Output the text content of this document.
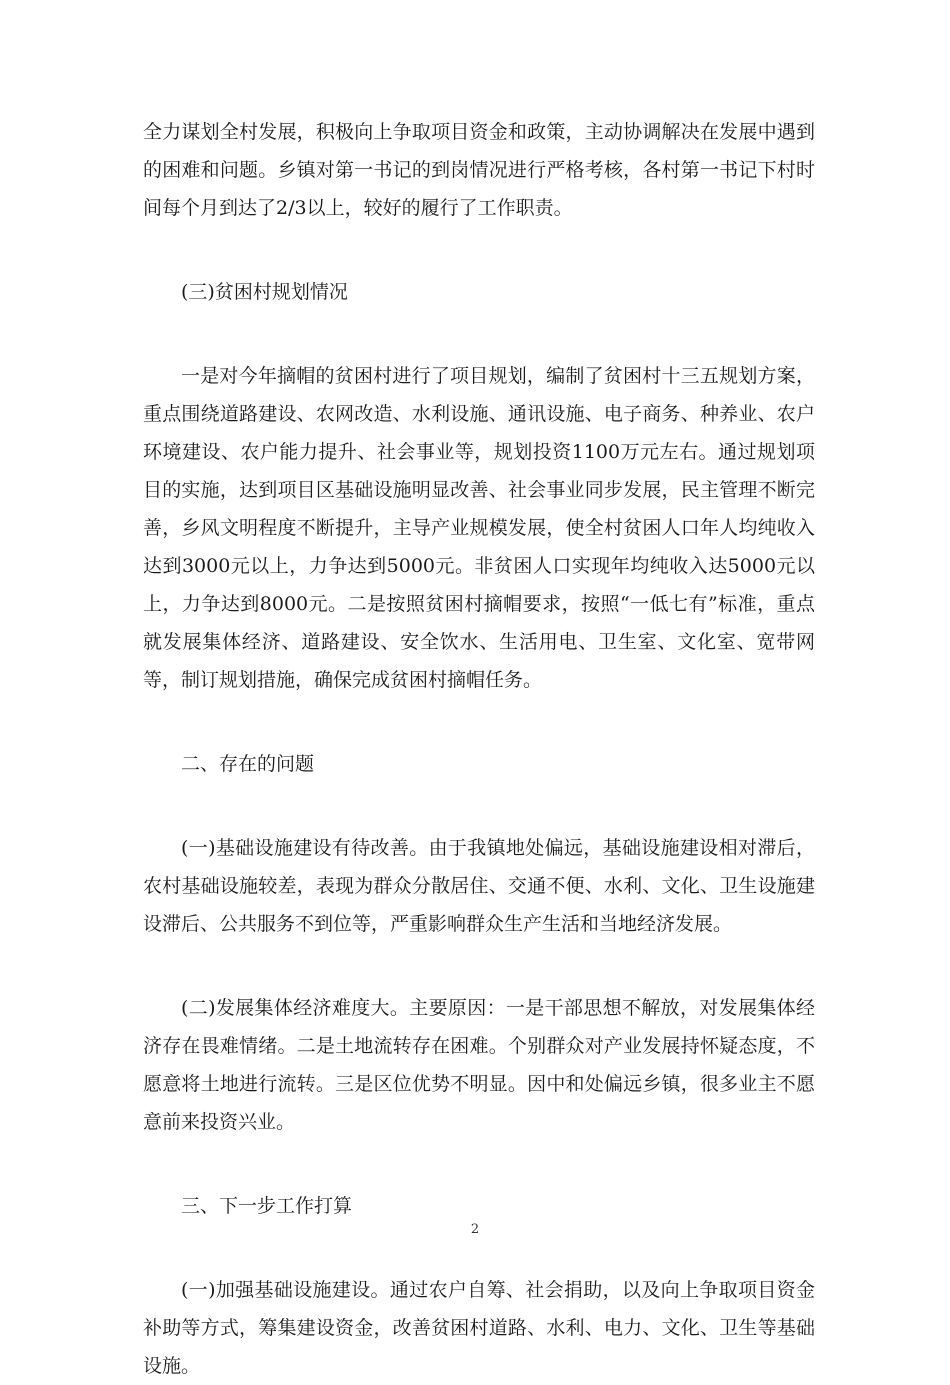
全力谋划全村发展，积极向上争取项目资金和政策，主动协调解决在发展中遇到的困难和问题。乡镇对第一书记的到岗情况进行严格考核，各村第一书记下村时间每个月到达了2/3以上，较好的履行了工作职责。

(三)贫困村规划情况

一是对今年摘帽的贫困村进行了项目规划，编制了贫困村十三五规划方案，重点围绕道路建设、农网改造、水利设施、通讯设施、电子商务、种养业、农户环境建设、农户能力提升、社会事业等，规划投资1100万元左右。通过规划项目的实施，达到项目区基础设施明显改善、社会事业同步发展，民主管理不断完善，乡风文明程度不断提升，主导产业规模发展，使全村贫困人口年人均纯收入达到3000元以上，力争达到5000元。非贫困人口实现年均纯收入达5000元以上，力争达到8000元。二是按照贫困村摘帽要求，按照“一低七有”标准，重点就发展集体经济、道路建设、安全饮水、生活用电、卫生室、文化室、宽带网等，制订规划措施，确保完成贫困村摘帽任务。

二、存在的问题

(一)基础设施建设有待改善。由于我镇地处偏远，基础设施建设相对滞后，农村基础设施较差，表现为群众分散居住、交通不便、水利、文化、卫生设施建设滞后、公共服务不到位等，严重影响群众生产生活和当地经济发展。

(二)发展集体经济难度大。主要原因：一是干部思想不解放，对发展集体经济存在畏难情绪。二是土地流转存在困难。个别群众对产业发展持怀疑态度，不愿意将土地进行流转。三是区位优势不明显。因中和处偏远乡镇，很多业主不愿意前来投资兴业。

三、下一步工作打算

(一)加强基础设施建设。通过农户自筹、社会捐助，以及向上争取项目资金补助等方式，筹集建设资金，改善贫困村道路、水利、电力、文化、卫生等基础设施。

2
